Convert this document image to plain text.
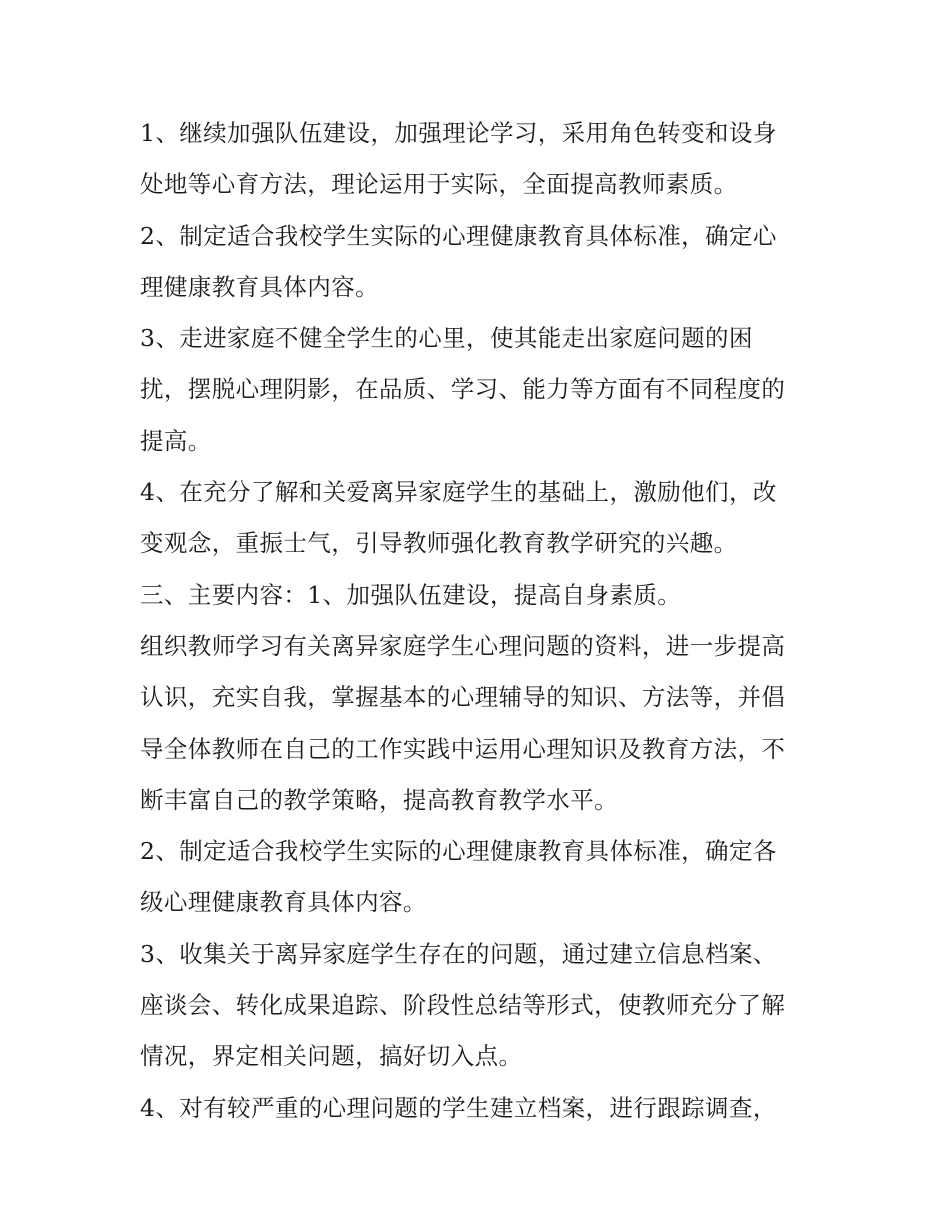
1、继续加强队伍建设，加强理论学习，采用角色转变和设身
处地等心育方法，理论运用于实际，全面提高教师素质。

2、制定适合我校学生实际的心理健康教育具体标准，确定心
理健康教育具体内容。

3、走进家庭不健全学生的心里，使其能走出家庭问题的困
扰，摆脱心理阴影，在品质、学习、能力等方面有不同程度的
提高。

4、在充分了解和关爱离异家庭学生的基础上，激励他们，改
变观念，重振士气，引导教师强化教育教学研究的兴趣。

三、主要内容：1、加强队伍建设，提高自身素质。

组织教师学习有关离异家庭学生心理问题的资料，进一步提高
认识，充实自我，掌握基本的心理辅导的知识、方法等，并倡
导全体教师在自己的工作实践中运用心理知识及教育方法，不
断丰富自己的教学策略，提高教育教学水平。

2、制定适合我校学生实际的心理健康教育具体标准，确定各
级心理健康教育具体内容。

3、收集关于离异家庭学生存在的问题，通过建立信息档案、
座谈会、转化成果追踪、阶段性总结等形式，使教师充分了解
情况，界定相关问题，搞好切入点。

4、对有较严重的心理问题的学生建立档案，进行跟踪调查，
